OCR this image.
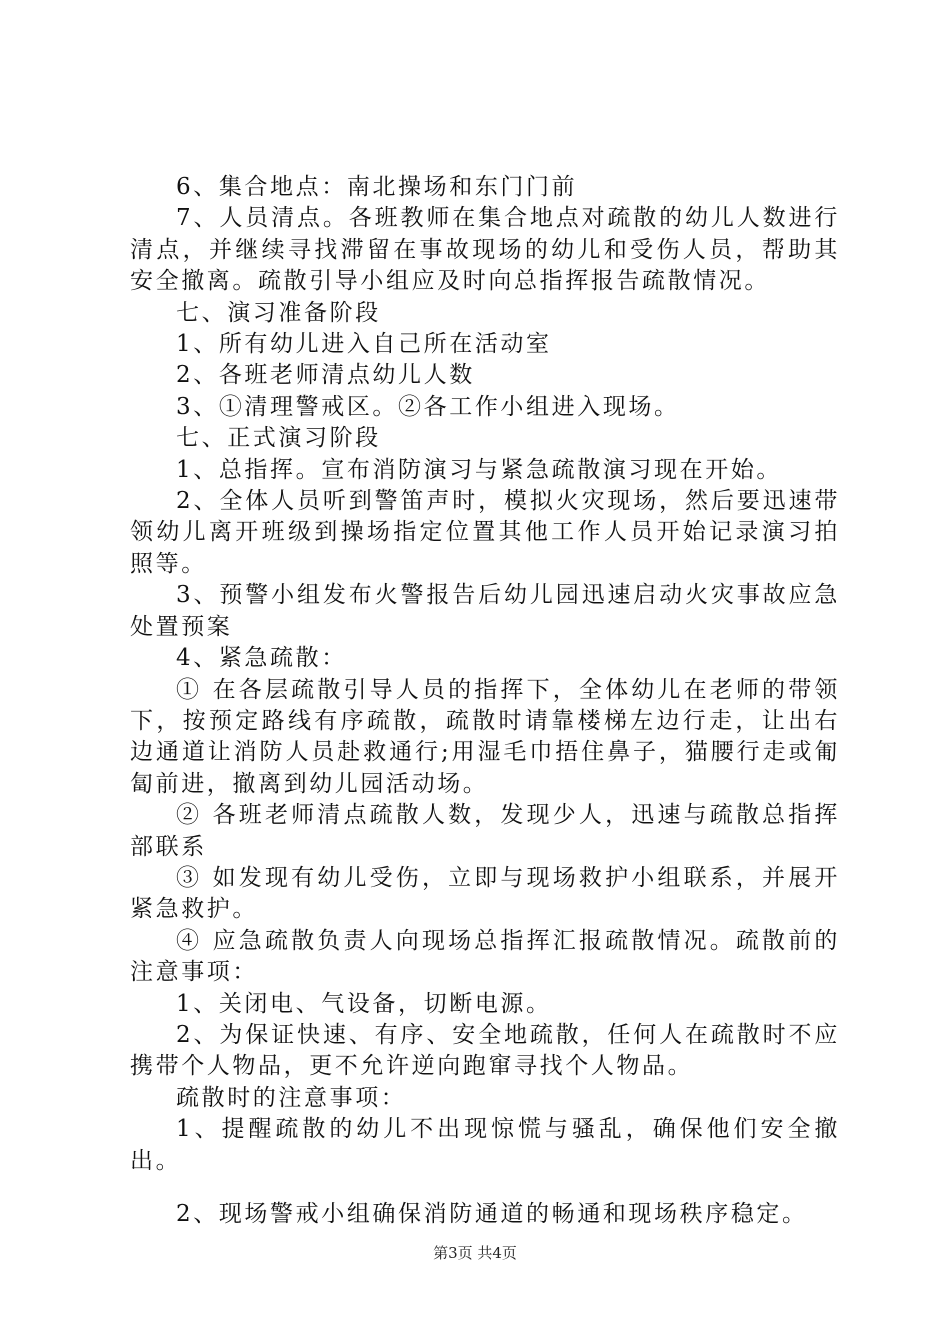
6、集合地点：南北操场和东门门前

7、人员清点。各班教师在集合地点对疏散的幼儿人数进行清点，并继续寻找滞留在事故现场的幼儿和受伤人员，帮助其安全撤离。疏散引导小组应及时向总指挥报告疏散情况。

七、演习准备阶段

1、所有幼儿进入自己所在活动室

2、各班老师清点幼儿人数

3、①清理警戒区。②各工作小组进入现场。

七、正式演习阶段

1、总指挥。宣布消防演习与紧急疏散演习现在开始。

2、全体人员听到警笛声时，模拟火灾现场，然后要迅速带领幼儿离开班级到操场指定位置其他工作人员开始记录演习拍照等。

3、预警小组发布火警报告后幼儿园迅速启动火灾事故应急处置预案

4、紧急疏散：

① 在各层疏散引导人员的指挥下，全体幼儿在老师的带领下，按预定路线有序疏散，疏散时请靠楼梯左边行走，让出右边通道让消防人员赴救通行;用湿毛巾捂住鼻子，猫腰行走或匍匐前进，撤离到幼儿园活动场。

② 各班老师清点疏散人数，发现少人，迅速与疏散总指挥部联系

③ 如发现有幼儿受伤，立即与现场救护小组联系，并展开紧急救护。

④ 应急疏散负责人向现场总指挥汇报疏散情况。疏散前的注意事项：

1、关闭电、气设备，切断电源。

2、为保证快速、有序、安全地疏散，任何人在疏散时不应携带个人物品，更不允许逆向跑窜寻找个人物品。

疏散时的注意事项：

1、提醒疏散的幼儿不出现惊慌与骚乱，确保他们安全撤出。

2、现场警戒小组确保消防通道的畅通和现场秩序稳定。

第3页 共4页
